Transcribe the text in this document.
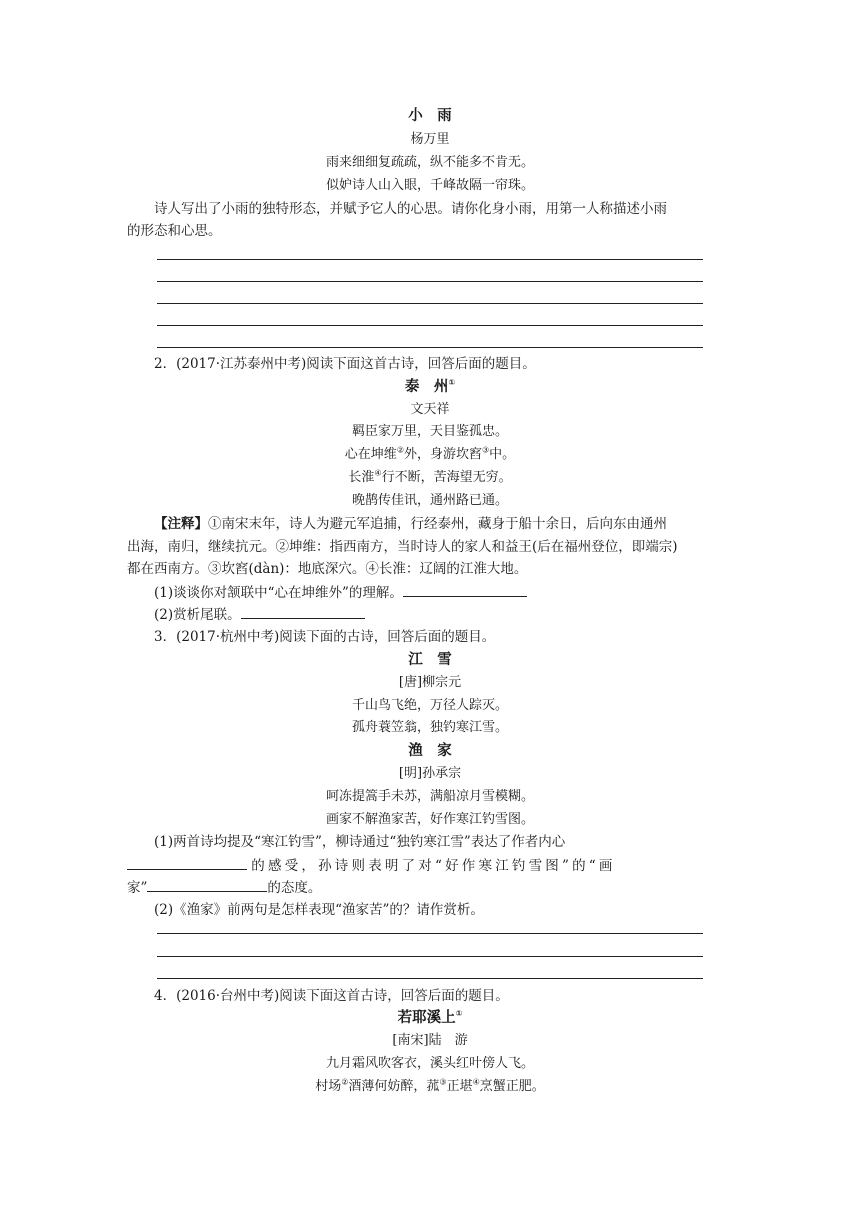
小　雨
杨万里
雨来细细复疏疏，纵不能多不肯无。
似妒诗人山入眼，千峰故隔一帘珠。
诗人写出了小雨的独特形态，并赋予它人的心思。请你化身小雨，用第一人称描述小雨
的形态和心思。
2．(2017·江苏泰州中考)阅读下面这首古诗，回答后面的题目。
泰　州①
文天祥
羁臣家万里，天目鉴孤忠。
心在坤维②外，身游坎窞③中。
长淮④行不断，苦海望无穷。
晚鹊传佳讯，通州路已通。
【注释】①南宋末年，诗人为避元军追捕，行经泰州，藏身于船十余日，后向东由通州
出海，南归，继续抗元。②坤维：指西南方，当时诗人的家人和益王(后在福州登位，即端宗)
都在西南方。③坎窞(dàn)：地底深穴。④长淮：辽阔的江淮大地。
(1)谈谈你对颔联中“心在坤维外”的理解。
(2)赏析尾联。
3．(2017·杭州中考)阅读下面的古诗，回答后面的题目。
江　雪
[唐]柳宗元
千山鸟飞绝，万径人踪灭。
孤舟蓑笠翁，独钓寒江雪。
渔　家
[明]孙承宗
呵冻提篙手未苏，满船凉月雪模糊。
画家不解渔家苦，好作寒江钓雪图。
(1)两首诗均提及“寒江钓雪”，柳诗通过“独钓寒江雪”表达了作者内心
的感受，孙诗则表明了对“好作寒江钓雪图”的“画
家”	的态度。
(2)《渔家》前两句是怎样表现“渔家苦”的？请作赏析。
4．(2016·台州中考)阅读下面这首古诗，回答后面的题目。
若耶溪上①
[南宋]陆　游
九月霜风吹客衣，溪头红叶傍人飞。
村场②酒薄何妨醉，菰③正堪④烹蟹正肥。
